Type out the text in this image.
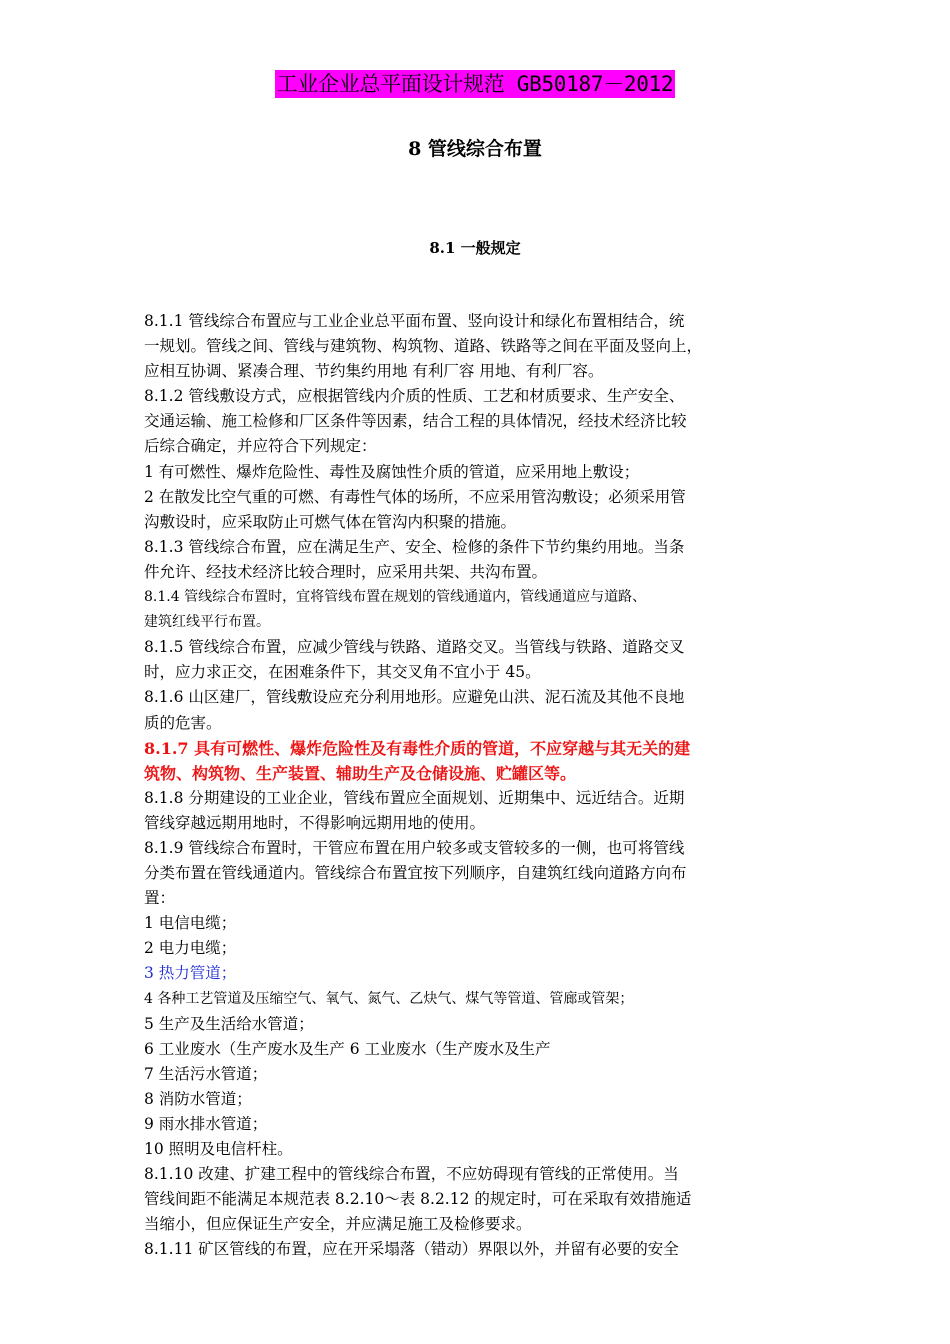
工业企业总平面设计规范 GB50187－2012
8 管线综合布置
8.1 一般规定
8.1.1 管线综合布置应与工业企业总平面布置、竖向设计和绿化布置相结合，统
一规划。管线之间、管线与建筑物、构筑物、道路、铁路等之间在平面及竖向上，
应相互协调、紧凑合理、节约集约用地 有利厂容 用地、有利厂容。
8.1.2 管线敷设方式，应根据管线内介质的性质、工艺和材质要求、生产安全、
交通运输、施工检修和厂区条件等因素，结合工程的具体情况，经技术经济比较
后综合确定，并应符合下列规定：
1 有可燃性、爆炸危险性、毒性及腐蚀性介质的管道，应采用地上敷设；
2 在散发比空气重的可燃、有毒性气体的场所，不应采用管沟敷设；必须采用管
沟敷设时，应采取防止可燃气体在管沟内积聚的措施。
8.1.3 管线综合布置，应在满足生产、安全、检修的条件下节约集约用地。当条
件允许、经技术经济比较合理时，应采用共架、共沟布置。
8.1.4 管线综合布置时，宜将管线布置在规划的管线通道内，管线通道应与道路、
建筑红线平行布置。
8.1.5 管线综合布置，应减少管线与铁路、道路交叉。当管线与铁路、道路交叉
时，应力求正交，在困难条件下，其交叉角不宜小于 45。
8.1.6 山区建厂，管线敷设应充分利用地形。应避免山洪、泥石流及其他不良地
质的危害。
8.1.7 具有可燃性、爆炸危险性及有毒性介质的管道，不应穿越与其无关的建
筑物、构筑物、生产装置、辅助生产及仓储设施、贮罐区等。
8.1.8 分期建设的工业企业，管线布置应全面规划、近期集中、远近结合。近期
管线穿越远期用地时，不得影响远期用地的使用。
8.1.9 管线综合布置时，干管应布置在用户较多或支管较多的一侧，也可将管线
分类布置在管线通道内。管线综合布置宜按下列顺序，自建筑红线向道路方向布
置：
1 电信电缆；
2 电力电缆；
3 热力管道；
4 各种工艺管道及压缩空气、氧气、氮气、乙炔气、煤气等管道、管廊或管架；
5 生产及生活给水管道；
6 工业废水（生产废水及生产 6 工业废水（生产废水及生产
7 生活污水管道；
8 消防水管道；
9 雨水排水管道；
10 照明及电信杆柱。
8.1.10 改建、扩建工程中的管线综合布置，不应妨碍现有管线的正常使用。当
管线间距不能满足本规范表 8.2.10～表 8.2.12 的规定时，可在采取有效措施适
当缩小，但应保证生产安全，并应满足施工及检修要求。
8.1.11 矿区管线的布置，应在开采塌落（错动）界限以外，并留有必要的安全
